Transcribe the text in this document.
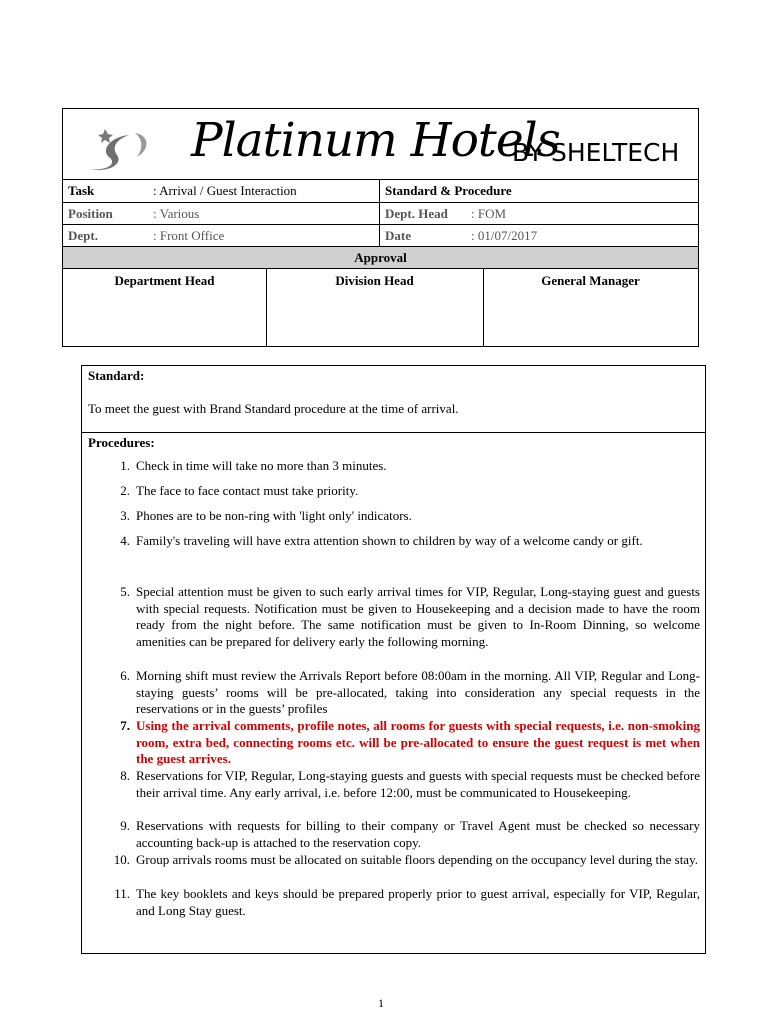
Platinum Hotels
BY SHELTECH
Task	: Arrival / Guest Interaction	Standard & Procedure
Position	: Various	Dept. Head : FOM
Dept.	: Front Office	Date	: 01/07/2017
Approval
Department Head	Division Head	General Manager
Standard:
To meet the guest with Brand Standard procedure at the time of arrival.
Procedures:
1. Check in time will take no more than 3 minutes.
2. The face to face contact must take priority.
3. Phones are to be non-ring with 'light only' indicators.
4. Family's traveling will have extra attention shown to children by way of a welcome candy or gift.
5. Special attention must be given to such early arrival times for VIP, Regular, Long-staying guest and guests with special requests. Notification must be given to Housekeeping and a decision made to have the room ready from the night before. The same notification must be given to In-Room Dinning, so welcome amenities can be prepared for delivery early the following morning.
6. Morning shift must review the Arrivals Report before 08:00am in the morning. All VIP, Regular and Long-staying guests’ rooms will be pre-allocated, taking into consideration any special requests in the reservations or in the guests’ profiles
7. Using the arrival comments, profile notes, all rooms for guests with special requests, i.e. non-smoking room, extra bed, connecting rooms etc. will be pre-allocated to ensure the guest request is met when the guest arrives.
8. Reservations for VIP, Regular, Long-staying guests and guests with special requests must be checked before their arrival time. Any early arrival, i.e. before 12:00, must be communicated to Housekeeping.
9. Reservations with requests for billing to their company or Travel Agent must be checked so necessary accounting back-up is attached to the reservation copy.
10. Group arrivals rooms must be allocated on suitable floors depending on the occupancy level during the stay.
11. The key booklets and keys should be prepared properly prior to guest arrival, especially for VIP, Regular, and Long Stay guest.
1
